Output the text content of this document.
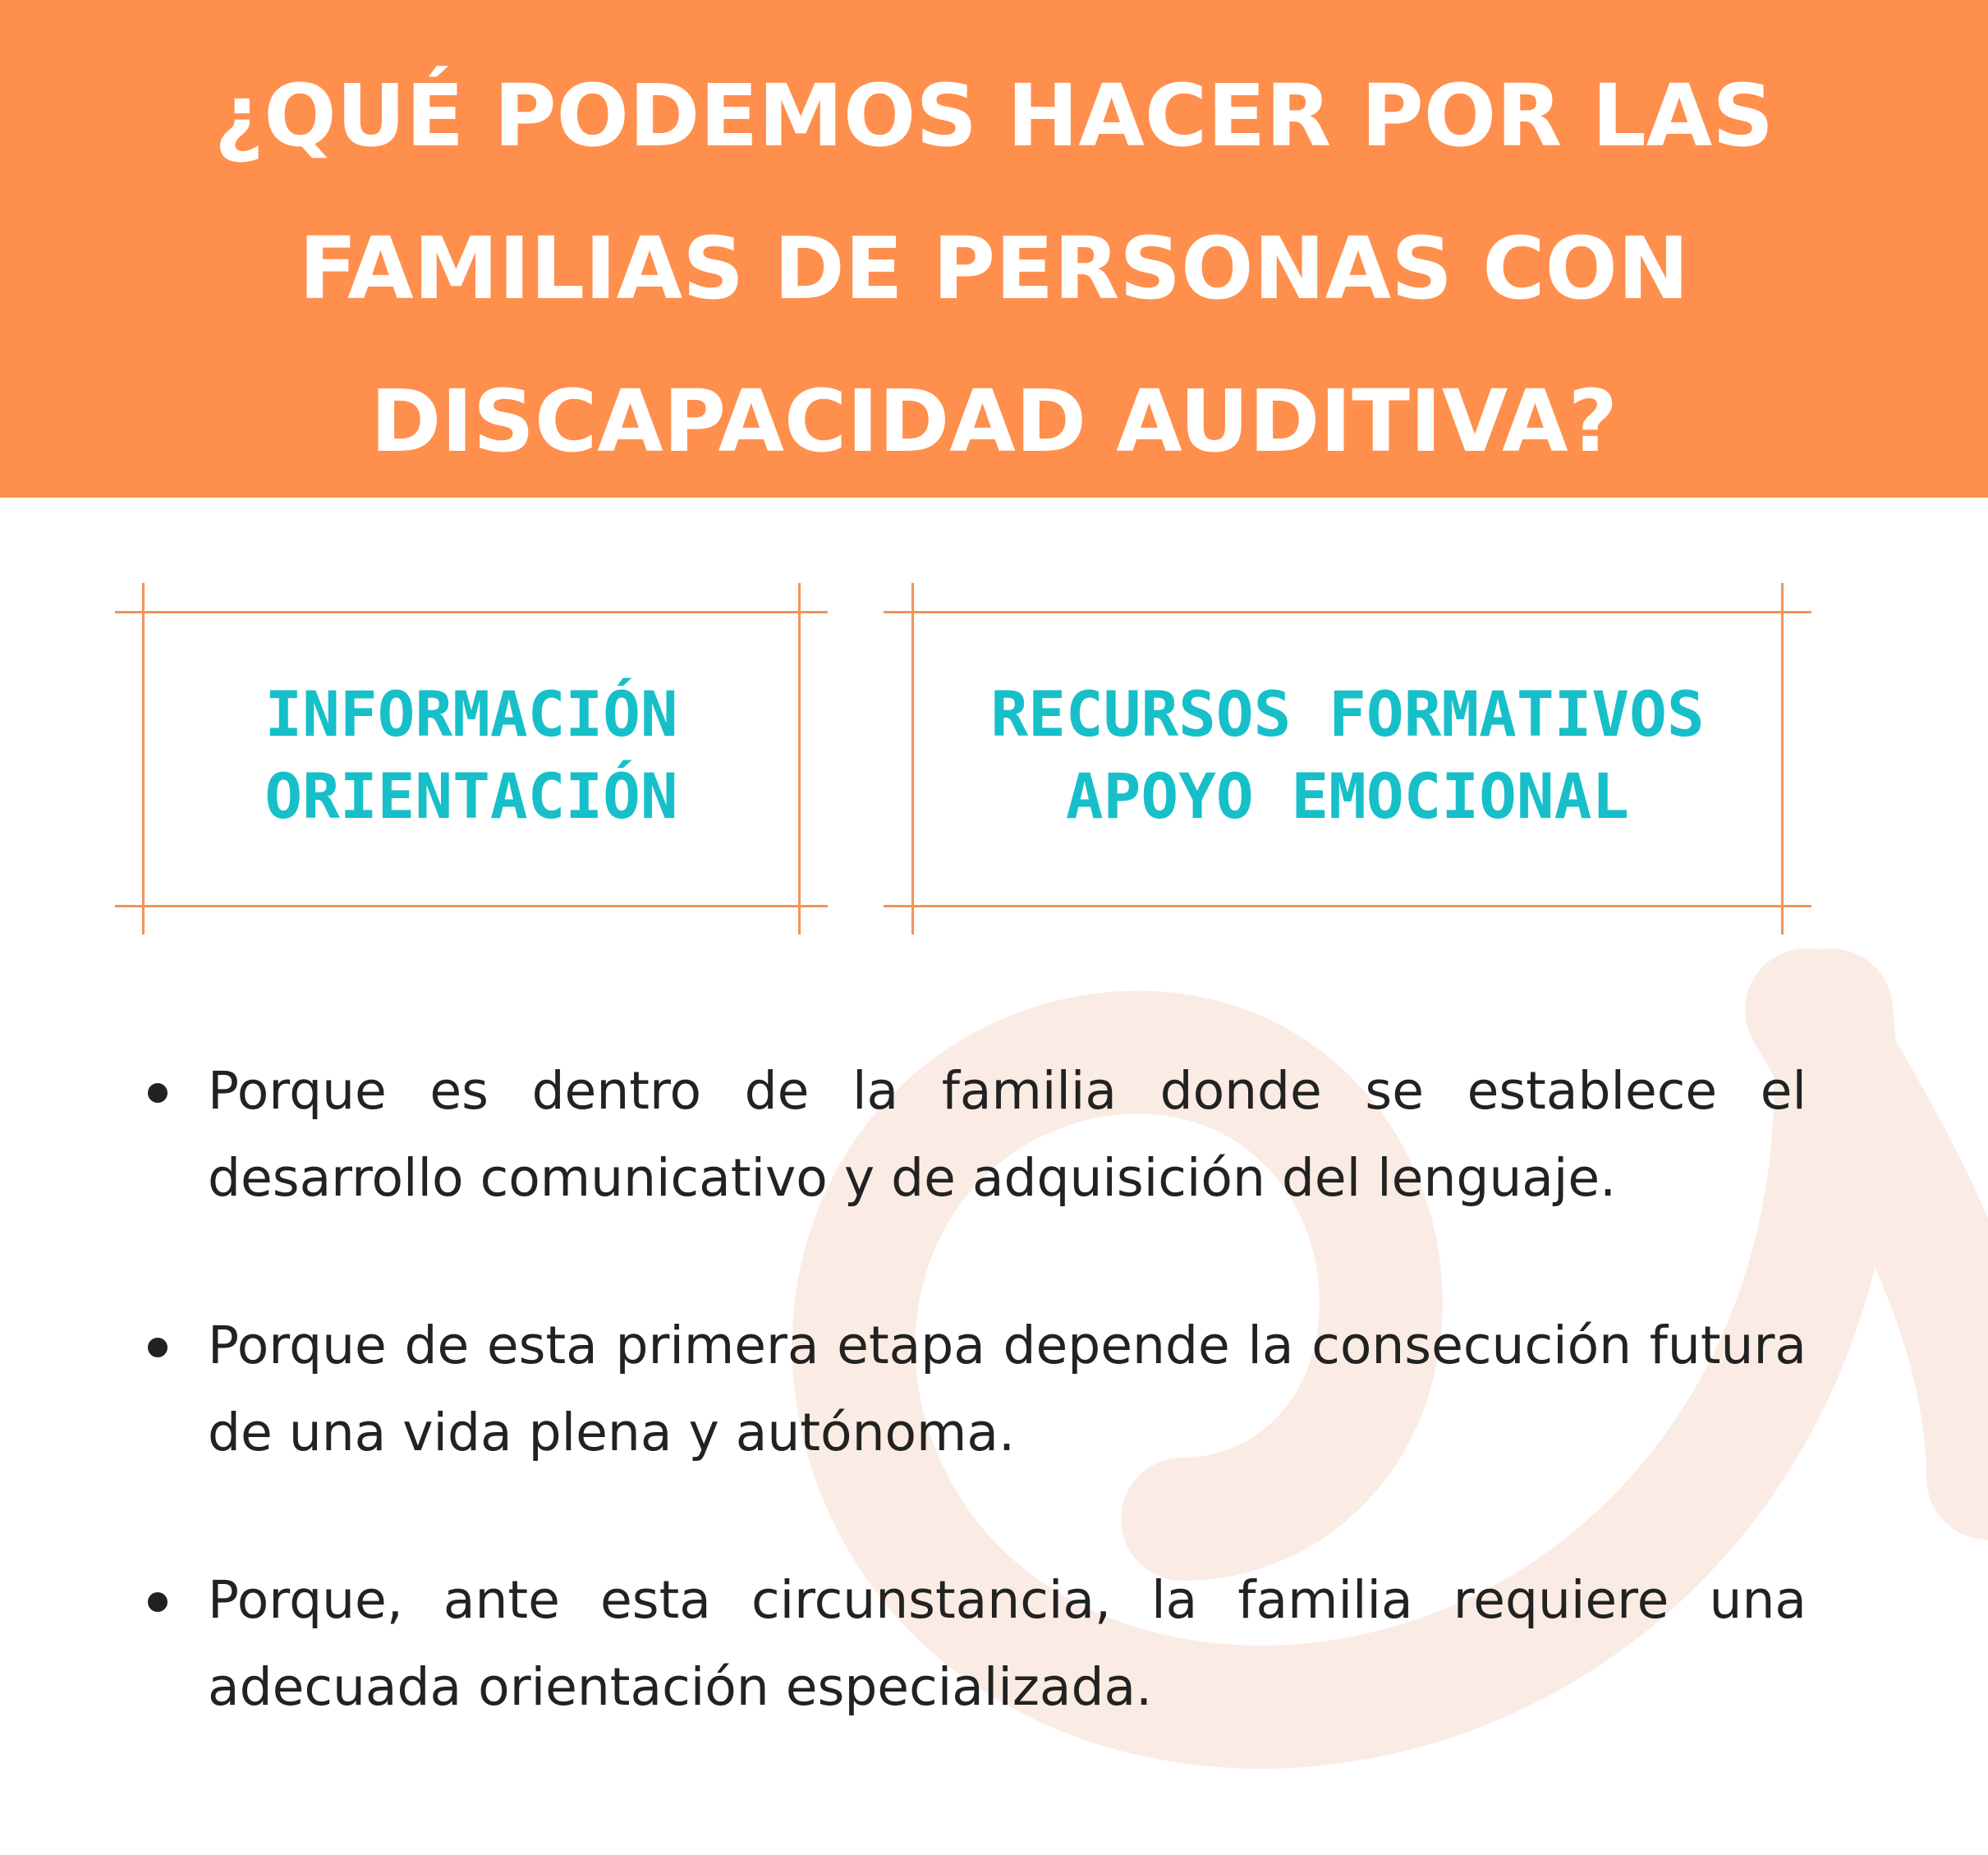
¿QUÉ PODEMOS HACER POR LAS
FAMILIAS DE PERSONAS CON
DISCAPACIDAD AUDITIVA?
INFORMACIÓN
ORIENTACIÓN
RECURSOS FORMATIVOS
APOYO EMOCIONAL
Porque es dentro de la familia donde se establece el desarrollo comunicativo y de adquisición del lenguaje.
Porque de esta primera etapa depende la consecución futura de una vida plena y autónoma.
Porque, ante esta circunstancia, la familia requiere una adecuada orientación especializada.
